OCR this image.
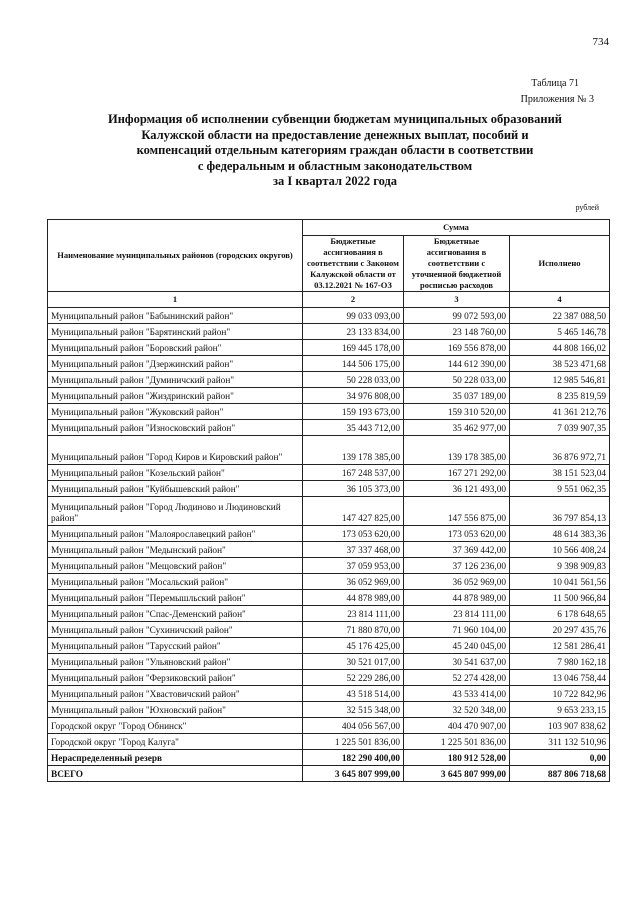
734
Таблица 71
Приложения № 3
Информация об исполнении субвенции бюджетам муниципальных образований
Калужской области на предоставление денежных выплат, пособий и
компенсаций отдельным категориям граждан области в соответствии
с федеральным и областным законодательством
за I квартал 2022 года
рублей
Наименование муниципальных районов (городских округов)	Сумма		
	Бюджетные ассигнования в соответствии с Законом Калужской области от 03.12.2021 № 167-ОЗ	Бюджетные ассигнования в соответствии с уточненной бюджетной росписью расходов	Исполнено
1	2	3	4
Муниципальный район "Бабынинский район"	99 033 093,00	99 072 593,00	22 387 088,50
Муниципальный район "Барятинский район"	23 133 834,00	23 148 760,00	5 465 146,78
Муниципальный район "Боровский район"	169 445 178,00	169 556 878,00	44 808 166,02
Муниципальный район "Дзержинский район"	144 506 175,00	144 612 390,00	38 523 471,68
Муниципальный район "Думиничский район"	50 228 033,00	50 228 033,00	12 985 546,81
Муниципальный район "Жиздринский район"	34 976 808,00	35 037 189,00	8 235 819,59
Муниципальный район "Жуковский район"	159 193 673,00	159 310 520,00	41 361 212,76
Муниципальный район "Износковский район"	35 443 712,00	35 462 977,00	7 039 907,35
Муниципальный район "Город Киров и Кировский район"	139 178 385,00	139 178 385,00	36 876 972,71
Муниципальный район "Козельский район"	167 248 537,00	167 271 292,00	38 151 523,04
Муниципальный район "Куйбышевский район"	36 105 373,00	36 121 493,00	9 551 062,35
Муниципальный район "Город Людиново и Людиновский район"	147 427 825,00	147 556 875,00	36 797 854,13
Муниципальный район "Малоярославецкий район"	173 053 620,00	173 053 620,00	48 614 383,36
Муниципальный район "Медынский район"	37 337 468,00	37 369 442,00	10 566 408,24
Муниципальный район "Мещовский район"	37 059 953,00	37 126 236,00	9 398 909,83
Муниципальный район "Мосальский район"	36 052 969,00	36 052 969,00	10 041 561,56
Муниципальный район "Перемышльский район"	44 878 989,00	44 878 989,00	11 500 966,84
Муниципальный район "Спас-Деменский район"	23 814 111,00	23 814 111,00	6 178 648,65
Муниципальный район "Сухиничский район"	71 880 870,00	71 960 104,00	20 297 435,76
Муниципальный район "Тарусский район"	45 176 425,00	45 240 045,00	12 581 286,41
Муниципальный район "Ульяновский район"	30 521 017,00	30 541 637,00	7 980 162,18
Муниципальный район "Ферзиковский район"	52 229 286,00	52 274 428,00	13 046 758,44
Муниципальный район "Хвастовичский район"	43 518 514,00	43 533 414,00	10 722 842,96
Муниципальный район "Юхновский район"	32 515 348,00	32 520 348,00	9 653 233,15
Городской округ "Город Обнинск"	404 056 567,00	404 470 907,00	103 907 838,62
Городской округ "Город Калуга"	1 225 501 836,00	1 225 501 836,00	311 132 510,96
Нераспределенный резерв	182 290 400,00	180 912 528,00	0,00
ВСЕГО	3 645 807 999,00	3 645 807 999,00	887 806 718,68
